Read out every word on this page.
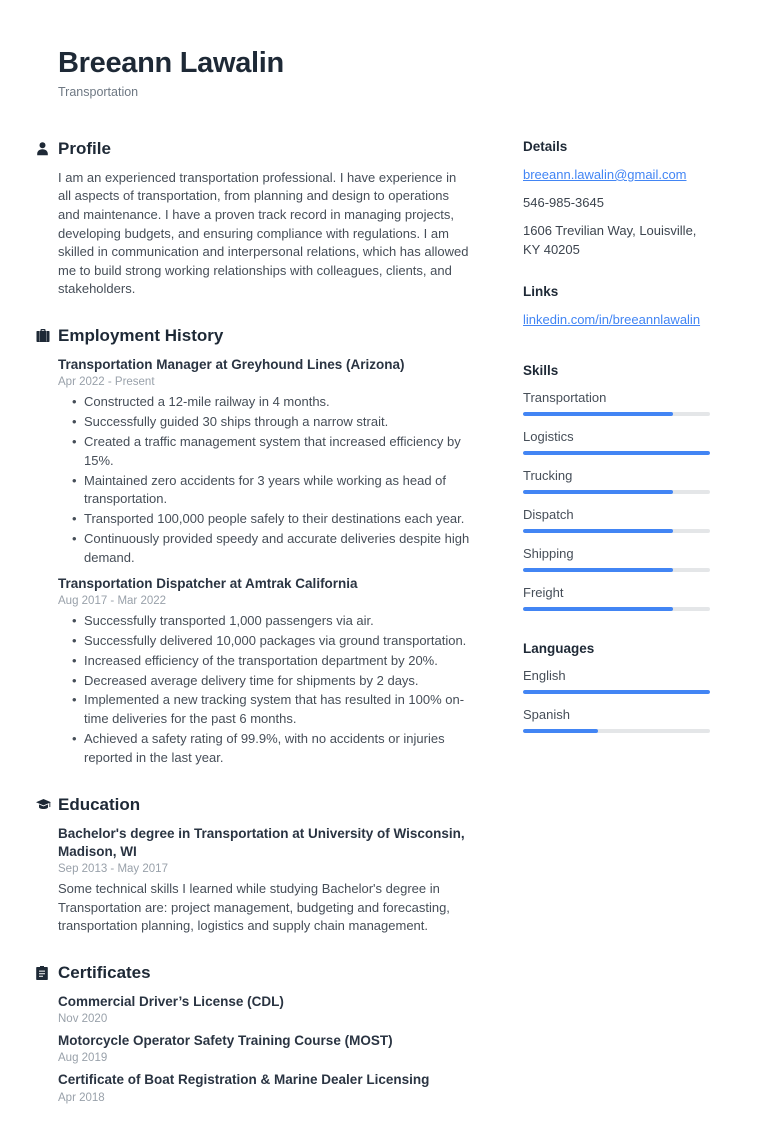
Breeann Lawalin
Transportation
Profile
I am an experienced transportation professional. I have experience in all aspects of transportation, from planning and design to operations and maintenance. I have a proven track record in managing projects, developing budgets, and ensuring compliance with regulations. I am skilled in communication and interpersonal relations, which has allowed me to build strong working relationships with colleagues, clients, and stakeholders.
Employment History
Transportation Manager at Greyhound Lines (Arizona)
Apr 2022 - Present
• Constructed a 12-mile railway in 4 months.
• Successfully guided 30 ships through a narrow strait.
• Created a traffic management system that increased efficiency by 15%.
• Maintained zero accidents for 3 years while working as head of transportation.
• Transported 100,000 people safely to their destinations each year.
• Continuously provided speedy and accurate deliveries despite high demand.
Transportation Dispatcher at Amtrak California
Aug 2017 - Mar 2022
• Successfully transported 1,000 passengers via air.
• Successfully delivered 10,000 packages via ground transportation.
• Increased efficiency of the transportation department by 20%.
• Decreased average delivery time for shipments by 2 days.
• Implemented a new tracking system that has resulted in 100% on-time deliveries for the past 6 months.
• Achieved a safety rating of 99.9%, with no accidents or injuries reported in the last year.
Education
Bachelor's degree in Transportation at University of Wisconsin, Madison, WI
Sep 2013 - May 2017
Some technical skills I learned while studying Bachelor's degree in Transportation are: project management, budgeting and forecasting, transportation planning, logistics and supply chain management.
Certificates
Commercial Driver’s License (CDL)
Nov 2020
Motorcycle Operator Safety Training Course (MOST)
Aug 2019
Certificate of Boat Registration & Marine Dealer Licensing
Apr 2018
Details
breeann.lawalin@gmail.com
546-985-3645
1606 Trevilian Way, Louisville, KY 40205
Links
linkedin.com/in/breeannlawalin
Skills
Transportation
Logistics
Trucking
Dispatch
Shipping
Freight
Languages
English
Spanish
